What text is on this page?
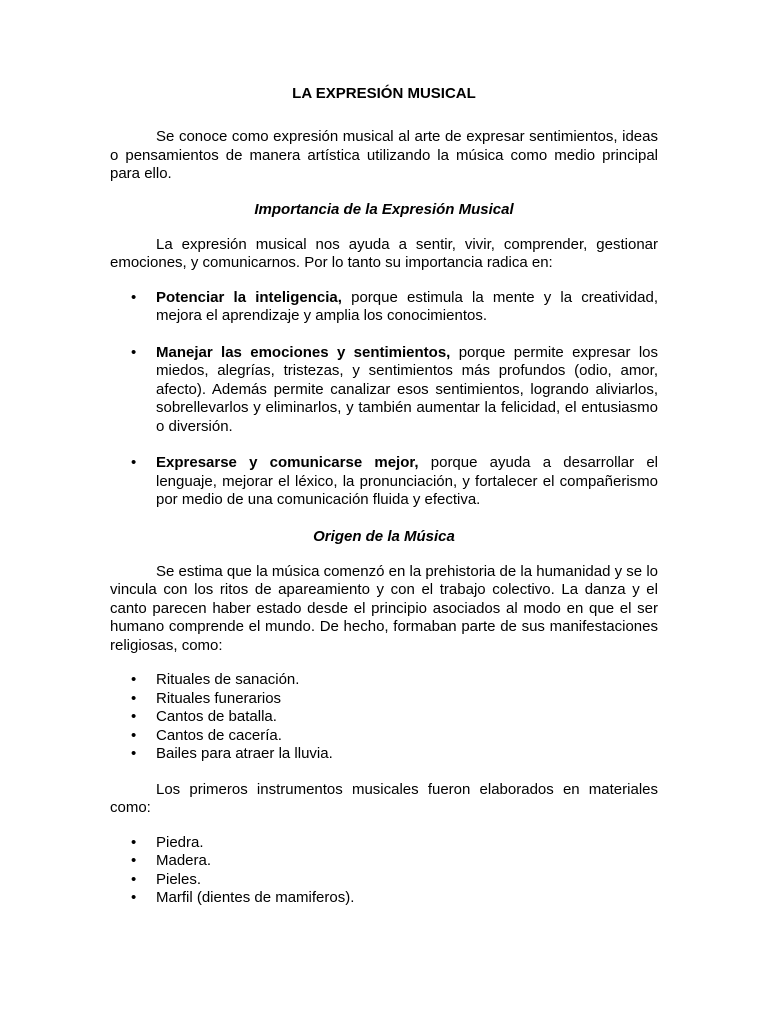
LA EXPRESIÓN MUSICAL

Se conoce como expresión musical al arte de expresar sentimientos, ideas o pensamientos de manera artística utilizando la música como medio principal para ello.

Importancia de la Expresión Musical

La expresión musical nos ayuda a sentir, vivir, comprender, gestionar emociones, y comunicarnos. Por lo tanto su importancia radica en:

• Potenciar la inteligencia, porque estimula la mente y la creatividad, mejora el aprendizaje y amplia los conocimientos.
• Manejar las emociones y sentimientos, porque permite expresar los miedos, alegrías, tristezas, y sentimientos más profundos (odio, amor, afecto). Además permite canalizar esos sentimientos, logrando aliviarlos, sobrellevarlos y eliminarlos, y también aumentar la felicidad, el entusiasmo o diversión.
• Expresarse y comunicarse mejor, porque ayuda a desarrollar el lenguaje, mejorar el léxico, la pronunciación, y fortalecer el compañerismo por medio de una comunicación fluida y efectiva.
Origen de la Música

Se estima que la música comenzó en la prehistoria de la humanidad y se lo vincula con los ritos de apareamiento y con el trabajo colectivo. La danza y el canto parecen haber estado desde el principio asociados al modo en que el ser humano comprende el mundo. De hecho, formaban parte de sus manifestaciones religiosas, como:

• Rituales de sanación.
• Rituales funerarios
• Cantos de batalla.
• Cantos de cacería.
• Bailes para atraer la lluvia.

Los primeros instrumentos musicales fueron elaborados en materiales como:

• Piedra.
• Madera.
• Pieles.
• Marfil (dientes de mamiferos).
